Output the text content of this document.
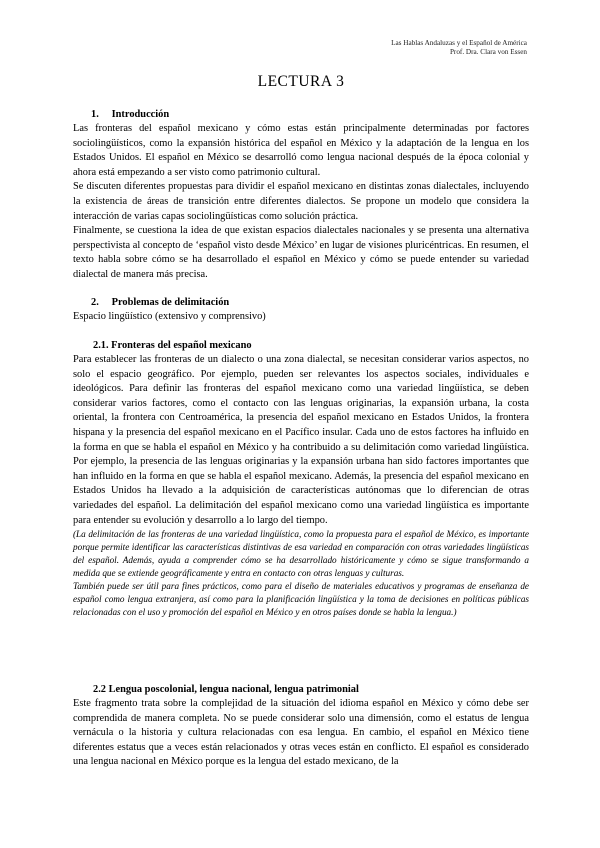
Las Hablas Andaluzas y el Español de América
Prof. Dra. Clara von Essen
LECTURA 3
1. Introducción

Las fronteras del español mexicano y cómo estas están principalmente determinadas por factores sociolingüísticos, como la expansión histórica del español en México y la adaptación de la lengua en los Estados Unidos. El español en México se desarrolló como lengua nacional después de la época colonial y ahora está empezando a ser visto como patrimonio cultural.

Se discuten diferentes propuestas para dividir el español mexicano en distintas zonas dialectales, incluyendo la existencia de áreas de transición entre diferentes dialectos. Se propone un modelo que considera la interacción de varias capas sociolingüísticas como solución práctica.

Finalmente, se cuestiona la idea de que existan espacios dialectales nacionales y se presenta una alternativa perspectivista al concepto de ‘español visto desde México’ en lugar de visiones pluricéntricas. En resumen, el texto habla sobre cómo se ha desarrollado el español en México y cómo se puede entender su variedad dialectal de manera más precisa.

2. Problemas de delimitación

Espacio lingüístico (extensivo y comprensivo)

2.1. Fronteras del español mexicano

Para establecer las fronteras de un dialecto o una zona dialectal, se necesitan considerar varios aspectos, no solo el espacio geográfico. Por ejemplo, pueden ser relevantes los aspectos sociales, individuales e ideológicos. Para definir las fronteras del español mexicano como una variedad lingüística, se deben considerar varios factores, como el contacto con las lenguas originarias, la expansión urbana, la costa oriental, la frontera con Centroamérica, la presencia del español mexicano en Estados Unidos, la frontera hispana y la presencia del español mexicano en el Pacífico insular. Cada uno de estos factores ha influido en la forma en que se habla el español en México y ha contribuido a su delimitación como variedad lingüística. Por ejemplo, la presencia de las lenguas originarias y la expansión urbana han sido factores importantes que han influido en la forma en que se habla el español mexicano. Además, la presencia del español mexicano en Estados Unidos ha llevado a la adquisición de características autónomas que lo diferencian de otras variedades del español. La delimitación del español mexicano como una variedad lingüística es importante para entender su evolución y desarrollo a lo largo del tiempo.

(La delimitación de las fronteras de una variedad lingüística, como la propuesta para el español de México, es importante porque permite identificar las características distintivas de esa variedad en comparación con otras variedades lingüísticas del español. Además, ayuda a comprender cómo se ha desarrollado históricamente y cómo se sigue transformando a medida que se extiende geográficamente y entra en contacto con otras lenguas y culturas.

También puede ser útil para fines prácticos, como para el diseño de materiales educativos y programas de enseñanza de español como lengua extranjera, así como para la planificación lingüística y la toma de decisiones en políticas públicas relacionadas con el uso y promoción del español en México y en otros países donde se habla la lengua.)

2.2 Lengua poscolonial, lengua nacional, lengua patrimonial

Este fragmento trata sobre la complejidad de la situación del idioma español en México y cómo debe ser comprendida de manera completa. No se puede considerar solo una dimensión, como el estatus de lengua vernácula o la historia y cultura relacionadas con esa lengua. En cambio, el español en México tiene diferentes estatus que a veces están relacionados y otras veces están en conflicto. El español es considerado una lengua nacional en México porque es la lengua del estado mexicano, de la
